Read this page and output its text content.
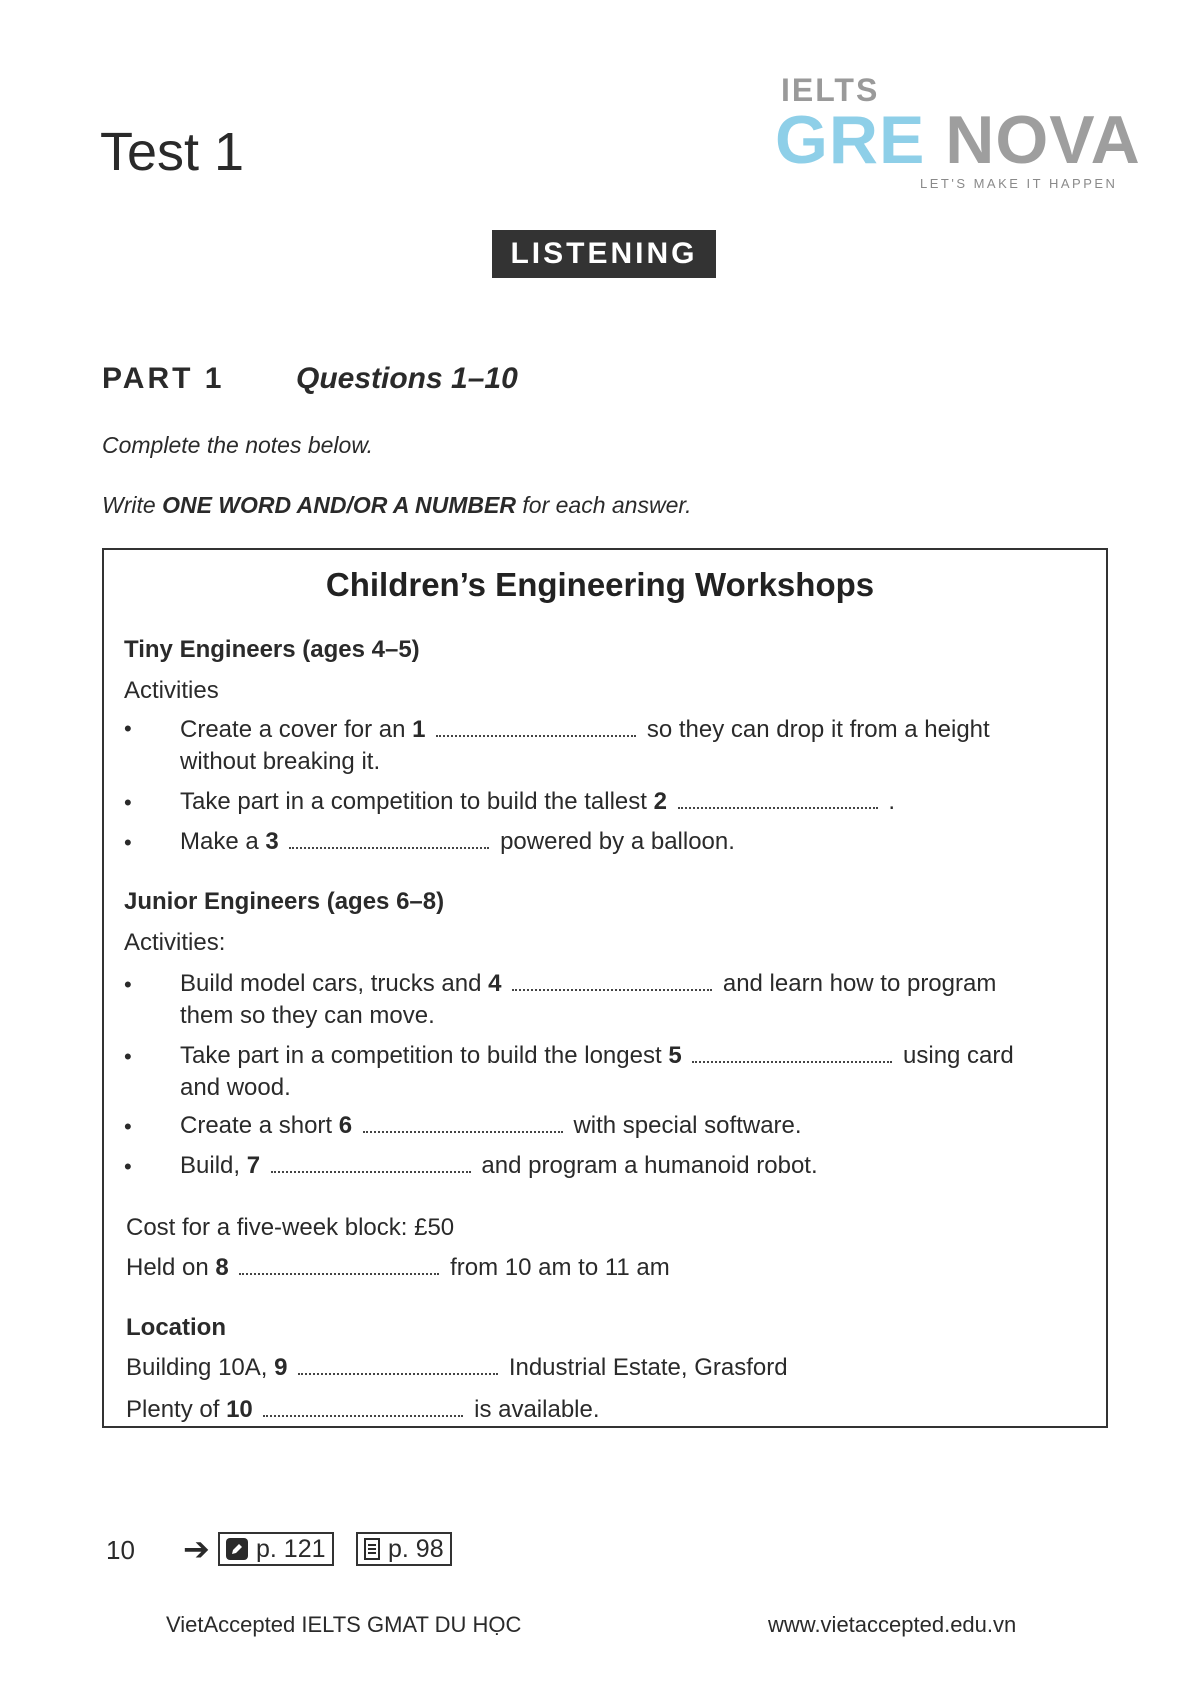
Test 1
IELTS
GRE NOVA
LET'S MAKE IT HAPPEN
LISTENING
PART 1 Questions 1–10
Complete the notes below.
Write ONE WORD AND/OR A NUMBER for each answer.
Children’s Engineering Workshops
Tiny Engineers (ages 4–5)
Activities
• Create a cover for an 1	so they can drop it from a height
without breaking it.
• Take part in a competition to build the tallest 2	.
• Make a 3	powered by a balloon.
Junior Engineers (ages 6–8)
Activities:
• Build model cars, trucks and 4	and learn how to program
them so they can move.
• Take part in a competition to build the longest 5	using card
and wood.
• Create a short 6	with special software.
• Build, 7	and program a humanoid robot.
Cost for a five-week block: £50
Held on 8	from 10 am to 11 am
Location
Building 10A, 9	Industrial Estate, Grasford
Plenty of 10	is available.
10 ➔ p. 121 p. 98
VietAccepted IELTS GMAT DU HỌC	www.vietaccepted.edu.vn
